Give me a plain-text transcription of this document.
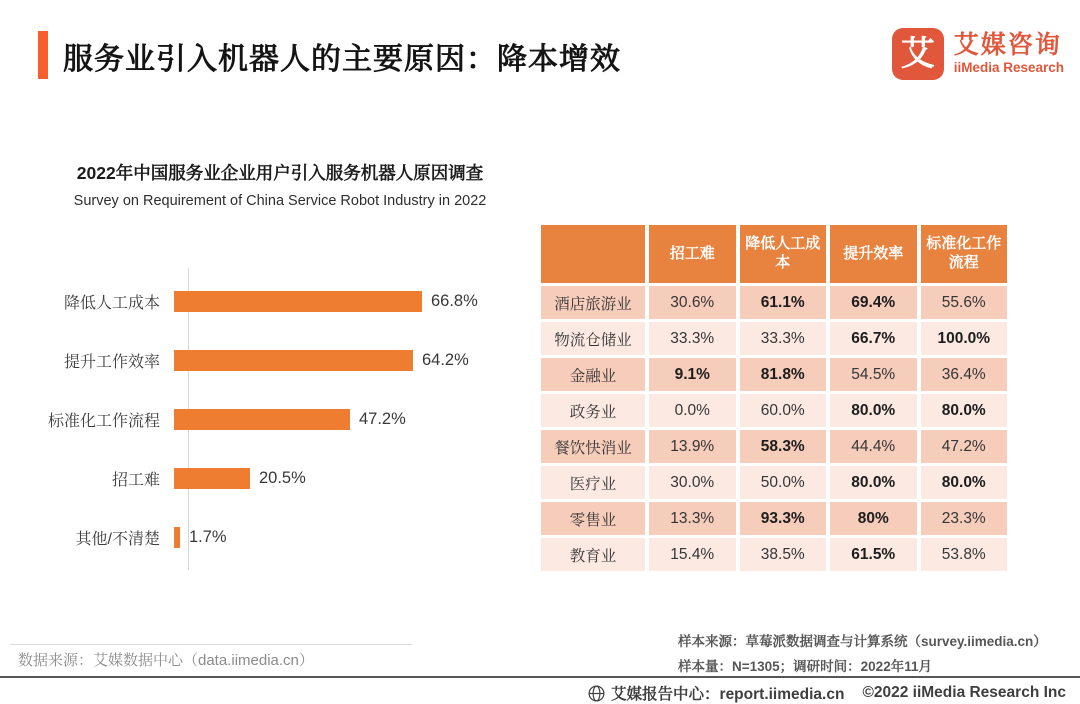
服务业引入机器人的主要原因：降本增效	艾 艾媒咨询
iiMedia Research
2022年中国服务业企业用户引入服务机器人原因调查
Survey on Requirement of China Service Robot Industry in 2022
降低人工成本	66.8%
提升工作效率	64.2%
标准化工作流程	47.2%
招工难	20.5%
其他/不清楚	1.7%
	招工难	降低人工成本	提升效率	标准化工作流程
酒店旅游业	30.6%	61.1%	69.4%	55.6%
物流仓储业	33.3%	33.3%	66.7%	100.0%
金融业	9.1%	81.8%	54.5%	36.4%
政务业	0.0%	60.0%	80.0%	80.0%
餐饮快消业	13.9%	58.3%	44.4%	47.2%
医疗业	30.0%	50.0%	80.0%	80.0%
零售业	13.3%	93.3%	80%	23.3%
教育业	15.4%	38.5%	61.5%	53.8%
数据来源：艾媒数据中心（data.iimedia.cn）
样本来源：草莓派数据调查与计算系统（survey.iimedia.cn）
样本量：N=1305；调研时间：2022年11月
艾媒报告中心：report.iimedia.cn ©2022 iiMedia Research Inc
